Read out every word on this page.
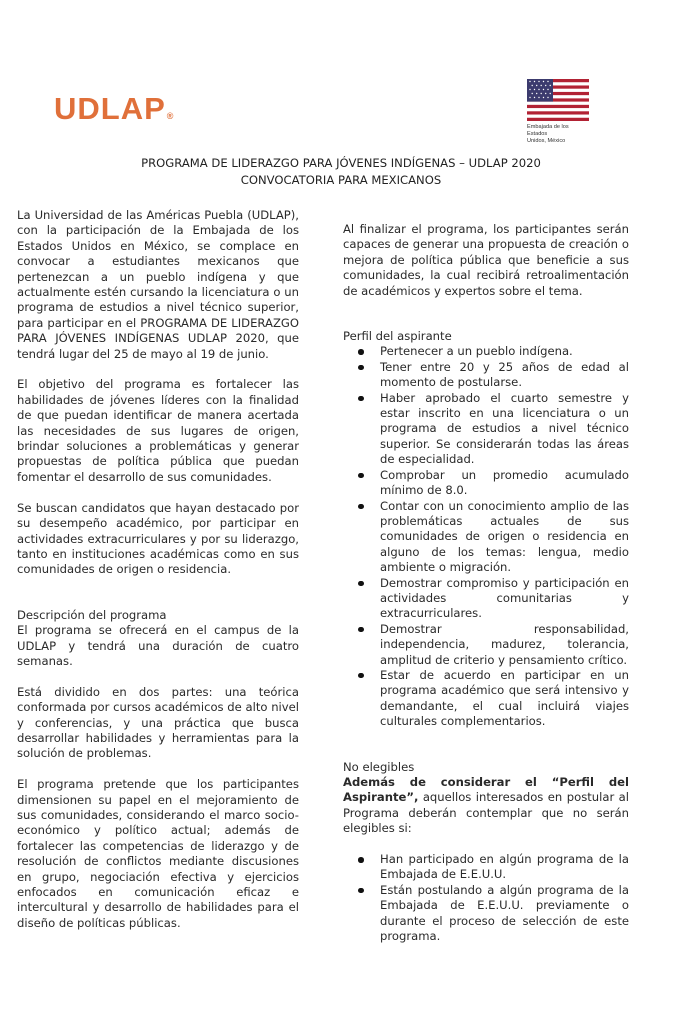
UDLAP®
Embajada de los Estados
Unidos, México
PROGRAMA DE LIDERAZGO PARA JÓVENES INDÍGENAS – UDLAP 2020
CONVOCATORIA PARA MEXICANOS

La Universidad de las Américas Puebla (UDLAP), con la participación de la Embajada de los Estados Unidos en México, se complace en convocar a estudiantes mexicanos que pertenezcan a un pueblo indígena y que actualmente estén cursando la licenciatura o un programa de estudios a nivel técnico superior, para participar en el PROGRAMA DE LIDERAZGO PARA JÓVENES INDÍGENAS UDLAP 2020, que tendrá lugar del 25 de mayo al 19 de junio.

El objetivo del programa es fortalecer las habilidades de jóvenes líderes con la finalidad de que puedan identificar de manera acertada las necesidades de sus lugares de origen, brindar soluciones a problemáticas y generar propuestas de política pública que puedan fomentar el desarrollo de sus comunidades.

Se buscan candidatos que hayan destacado por su desempeño académico, por participar en actividades extracurriculares y por su liderazgo, tanto en instituciones académicas como en sus comunidades de origen o residencia.

Descripción del programa

El programa se ofrecerá en el campus de la UDLAP y tendrá una duración de cuatro semanas.

Está dividido en dos partes: una teórica conformada por cursos académicos de alto nivel y conferencias, y una práctica que busca desarrollar habilidades y herramientas para la solución de problemas.

El programa pretende que los participantes dimensionen su papel en el mejoramiento de sus comunidades, considerando el marco socio-económico y político actual; además de fortalecer las competencias de liderazgo y de resolución de conflictos mediante discusiones en grupo, negociación efectiva y ejercicios enfocados en comunicación eficaz e intercultural y desarrollo de habilidades para el diseño de políticas públicas.

Al finalizar el programa, los participantes serán capaces de generar una propuesta de creación o mejora de política pública que beneficie a sus comunidades, la cual recibirá retroalimentación de académicos y expertos sobre el tema.

Perfil del aspirante

Pertenecer a un pueblo indígena.
Tener entre 20 y 25 años de edad al momento de postularse.
Haber aprobado el cuarto semestre y estar inscrito en una licenciatura o un programa de estudios a nivel técnico superior. Se considerarán todas las áreas de especialidad.
Comprobar un promedio acumulado mínimo de 8.0.
Contar con un conocimiento amplio de las problemáticas actuales de sus comunidades de origen o residencia en alguno de los temas: lengua, medio ambiente o migración.
Demostrar compromiso y participación en actividades comunitarias y extracurriculares.
Demostrar responsabilidad, independencia, madurez, tolerancia, amplitud de criterio y pensamiento crítico.
Estar de acuerdo en participar en un programa académico que será intensivo y demandante, el cual incluirá viajes culturales complementarios.

No elegibles

Además de considerar el “Perfil del Aspirante”, aquellos interesados en postular al Programa deberán contemplar que no serán elegibles si:

Han participado en algún programa de la Embajada de E.E.U.U.
Están postulando a algún programa de la Embajada de E.E.U.U. previamente o durante el proceso de selección de este programa.
